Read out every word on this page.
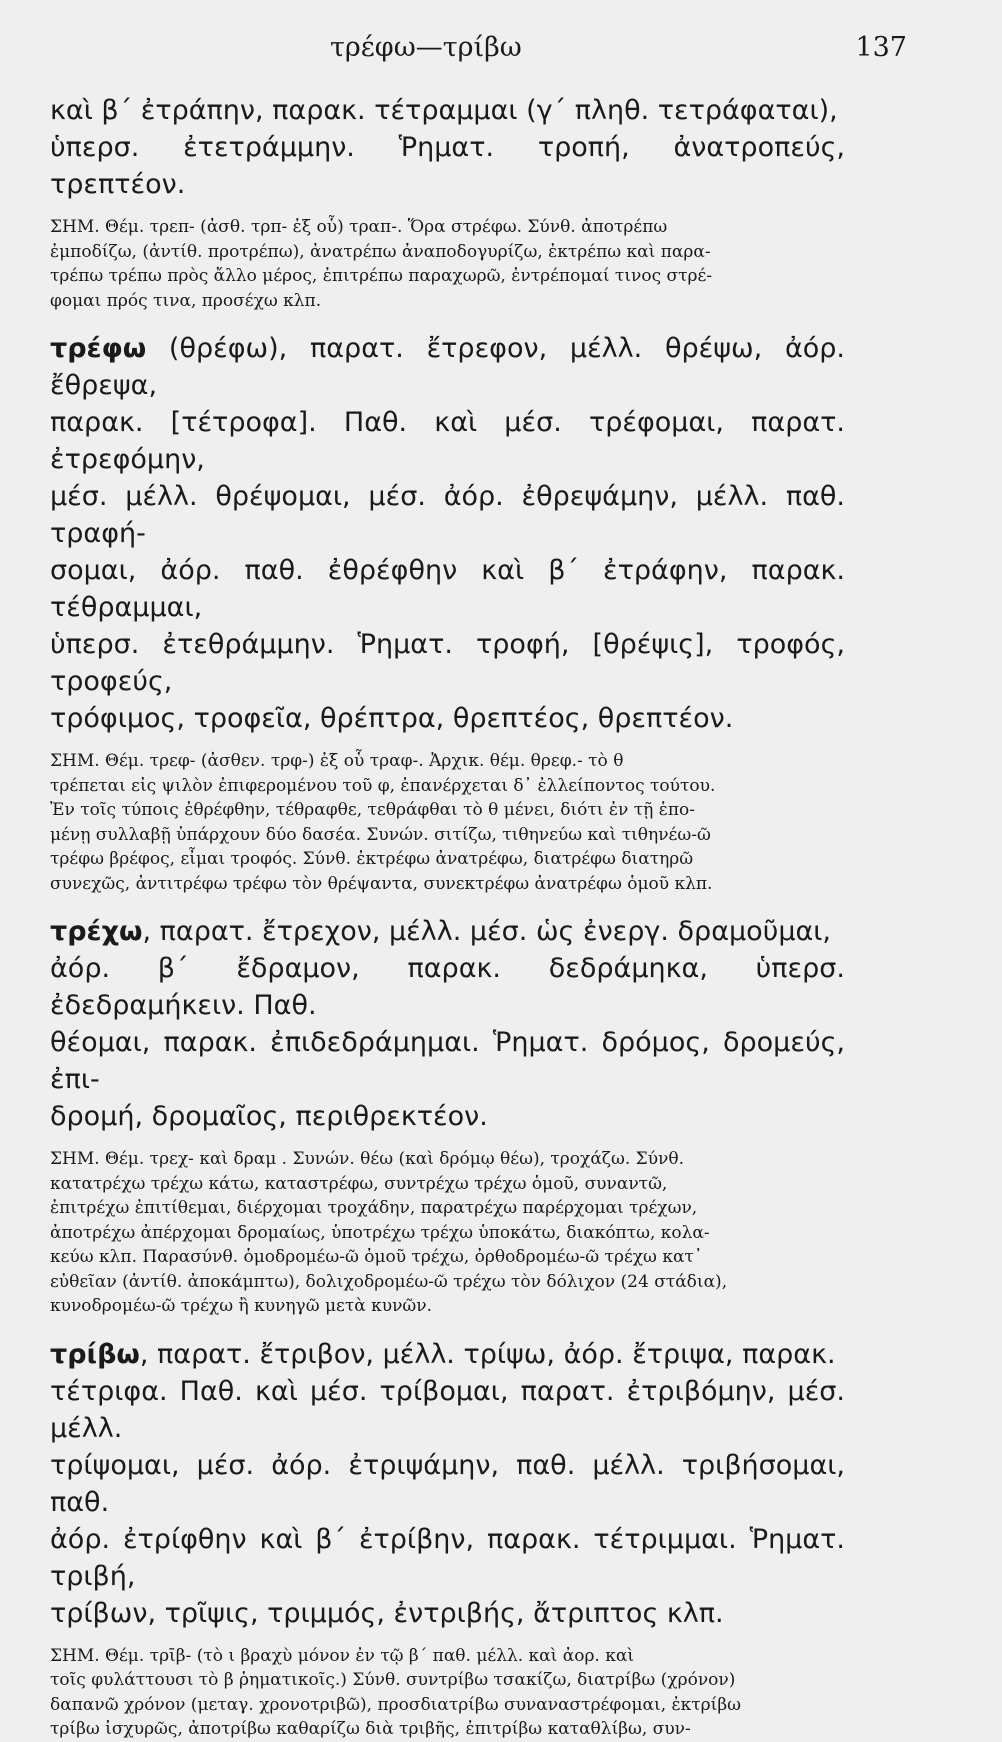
τρέφω—τρίβω	137

καὶ β΄ ἐτράπην, παρακ. τέτραμμαι (γ΄ πληθ. τετράφαται),
ὑπερσ. ἐτετράμμην. Ῥηματ. τροπή, ἀνατροπεύς, τρεπτέον.

ΣΗΜ. Θέμ. τρεπ- (ἀσθ. τρπ- ἐξ οὗ) τραπ-. Ὅρα στρέφω. Σύνθ. ἀποτρέπω
ἐμποδίζω, (ἀντίθ. προτρέπω), ἀνατρέπω ἀναποδογυρίζω, ἐκτρέπω καὶ παρα-
τρέπω τρέπω πρὸς ἄλλο μέρος, ἐπιτρέπω παραχωρῶ, ἐντρέπομαί τινος στρέ-
φομαι πρός τινα, προσέχω κλπ.

τρέφω (θρέφω), παρατ. ἔτρεφον, μέλλ. θρέψω, ἀόρ. ἔθρεψα,
παρακ. [τέτροφα]. Παθ. καὶ μέσ. τρέφομαι, παρατ. ἐτρεφόμην,
μέσ. μέλλ. θρέψομαι, μέσ. ἀόρ. ἐθρεψάμην, μέλλ. παθ. τραφή-
σομαι, ἀόρ. παθ. ἐθρέφθην καὶ β΄ ἐτράφην, παρακ. τέθραμμαι,
ὑπερσ. ἐτεθράμμην. Ῥηματ. τροφή, [θρέψις], τροφός, τροφεύς,
τρόφιμος, τροφεῖα, θρέπτρα, θρεπτέος, θρεπτέον.

ΣΗΜ. Θέμ. τρεφ- (ἀσθεν. τρφ-) ἐξ οὗ τραφ-. Ἀρχικ. θέμ. θρεφ.- τὸ θ
τρέπεται εἰς ψιλὸν ἐπιφερομένου τοῦ φ, ἐπανέρχεται δ᾿ ἐλλείποντος τούτου.
Ἐν τοῖς τύποις ἐθρέφθην, τέθραφθε, τεθράφθαι τὸ θ μένει, διότι ἐν τῇ ἑπο-
μένῃ συλλαβῇ ὑπάρχουν δύο δασέα. Συνών. σιτίζω, τιθηνεύω καὶ τιθηνέω-ῶ
τρέφω βρέφος, εἶμαι τροφός. Σύνθ. ἐκτρέφω ἀνατρέφω, διατρέφω διατηρῶ
συνεχῶς, ἀντιτρέφω τρέφω τὸν θρέψαντα, συνεκτρέφω ἀνατρέφω ὁμοῦ κλπ.

τρέχω, παρατ. ἔτρεχον, μέλλ. μέσ. ὡς ἐνεργ. δραμοῦμαι,
ἀόρ. β΄ ἔδραμον, παρακ. δεδράμηκα, ὑπερσ. ἐδεδραμήκειν. Παθ.
θέομαι, παρακ. ἐπιδεδράμημαι. Ῥηματ. δρόμος, δρομεύς, ἐπι-
δρομή, δρομαῖος, περιθρεκτέον.

ΣΗΜ. Θέμ. τρεχ- καὶ δραμ . Συνών. θέω (καὶ δρόμῳ θέω), τροχάζω. Σύνθ.
κατατρέχω τρέχω κάτω, καταστρέφω, συντρέχω τρέχω ὁμοῦ, συναντῶ,
ἐπιτρέχω ἐπιτίθεμαι, διέρχομαι τροχάδην, παρατρέχω παρέρχομαι τρέχων,
ἀποτρέχω ἀπέρχομαι δρομαίως, ὑποτρέχω τρέχω ὑποκάτω, διακόπτω, κολα-
κεύω κλπ. Παρασύνθ. ὁμοδρομέω-ῶ ὁμοῦ τρέχω, ὀρθοδρομέω-ῶ τρέχω κατ᾿
εὐθεῖαν (ἀντίθ. ἀποκάμπτω), δολιχοδρομέω-ῶ τρέχω τὸν δόλιχον (24 στάδια),
κυνοδρομέω-ῶ τρέχω ἢ κυνηγῶ μετὰ κυνῶν.

τρίβω, παρατ. ἔτριβον, μέλλ. τρίψω, ἀόρ. ἔτριψα, παρακ.
τέτριφα. Παθ. καὶ μέσ. τρίβομαι, παρατ. ἐτριβόμην, μέσ. μέλλ.
τρίψομαι, μέσ. ἀόρ. ἐτριψάμην, παθ. μέλλ. τριβήσομαι, παθ.
ἀόρ. ἐτρίφθην καὶ β΄ ἐτρίβην, παρακ. τέτριμμαι. Ῥηματ. τριβή,
τρίβων, τρῖψις, τριμμός, ἐντριβής, ἄτριπτος κλπ.

ΣΗΜ. Θέμ. τρῑβ- (τὸ ι βραχὺ μόνον ἐν τῷ β΄ παθ. μέλλ. καὶ ἀορ. καὶ
τοῖς φυλάττουσι τὸ β ῥηματικοῖς.) Σύνθ. συντρίβω τσακίζω, διατρίβω (χρόνον)
δαπανῶ χρόνον (μεταγ. χρονοτριβῶ), προσδιατρίβω συναναστρέφομαι, ἐκτρίβω
τρίβω ἰσχυρῶς, ἀποτρίβω καθαρίζω διὰ τριβῆς, ἐπιτρίβω καταθλίβω, συν-
